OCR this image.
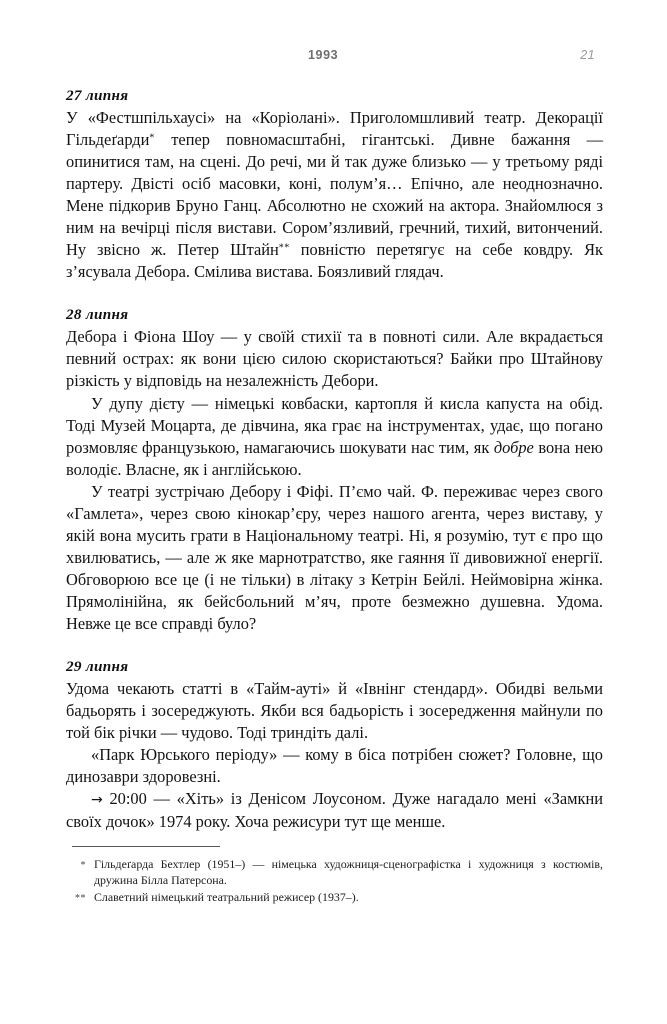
1993	21
27 липня

У «Фестшпільхаусі» на «Коріолані». Приголомшливий театр. Декорації Гільдеґарди* тепер повномасштабні, гігантські. Дивне бажання — опинитися там, на сцені. До речі, ми й так дуже близько — у третьому ряді партеру. Двісті осіб масовки, коні, полум’я… Епічно, але неоднозначно. Мене підкорив Бруно Ганц. Абсолютно не схожий на актора. Знайомлюся з ним на вечірці після вистави. Сором’язливий, гречний, тихий, витончений. Ну звісно ж. Петер Штайн** повністю перетягує на себе ковдру. Як з’ясувала Дебора. Смілива вистава. Боязливий глядач.

28 липня

Дебора і Фіона Шоу — у своїй стихії та в повноті сили. Але вкрадається певний острах: як вони цією силою скористаються? Байки про Штайнову різкість у відповідь на незалежність Дебори.

У дупу дієту — німецькі ковбаски, картопля й кисла капуста на обід. Тоді Музей Моцарта, де дівчина, яка грає на інструментах, удає, що погано розмовляє французькою, намагаючись шокувати нас тим, як добре вона нею володіє. Власне, як і англійською.

У театрі зустрічаю Дебору і Фіфі. П’ємо чай. Ф. переживає через свого «Гамлета», через свою кінокар’єру, через нашого агента, через виставу, у якій вона мусить грати в Національному театрі. Ні, я розумію, тут є про що хвилюватись, — але ж яке марнотратство, яке гаяння її дивовижної енергії. Обговорюю все це (і не тільки) в літаку з Кетрін Бейлі. Неймовірна жінка. Прямолінійна, як бейсбольний м’яч, проте безмежно душевна. Удома. Невже це все справді було?

29 липня

Удома чекають статті в «Тайм-ауті» й «Івнінг стендард». Обидві вельми бадьорять і зосереджують. Якби вся бадьорість і зосередження майнули по той бік річки — чудово. Тоді триндіть далі.

«Парк Юрського періоду» — кому в біса потрібен сюжет? Головне, що динозаври здоровезні.

→ 20:00 — «Хіть» із Денісом Лоусоном. Дуже нагадало мені «Замкни своїх дочок» 1974 року. Хоча режисури тут ще менше.

* Гільдеґарда Бехтлер (1951–) — німецька художниця-сценографістка і художниця з костюмів, дружина Білла Патерсона.
** Славетний німецький театральний режисер (1937–).
